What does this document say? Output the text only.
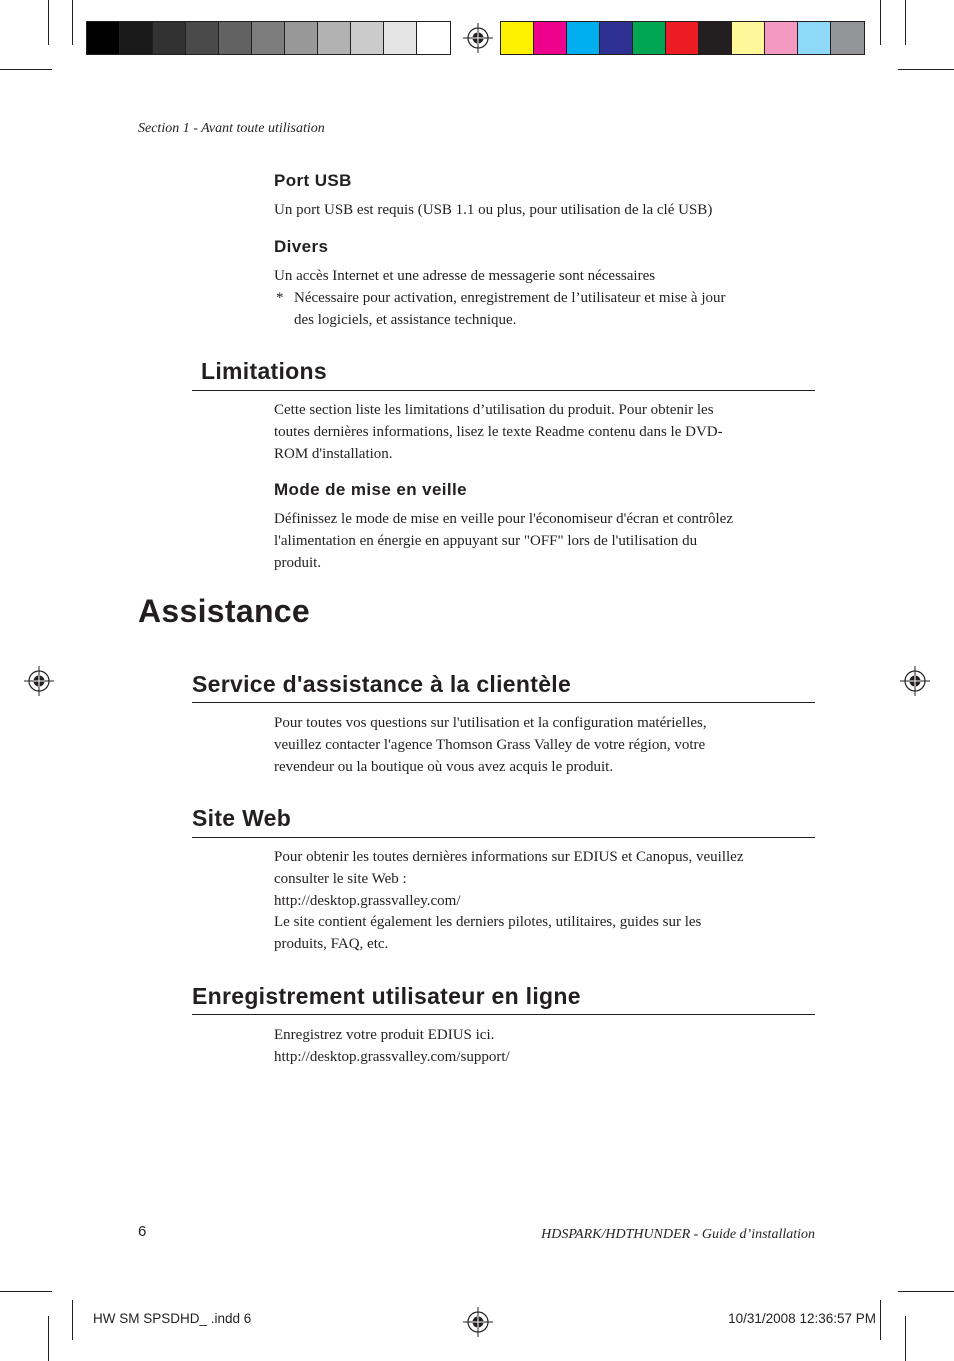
Section 1 - Avant toute utilisation
Port USB
Un port USB est requis (USB 1.1 ou plus, pour utilisation de la clé USB)
Divers
Un accès Internet et une adresse de messagerie sont nécessaires
* Nécessaire pour activation, enregistrement de l’utilisateur et mise à jour
des logiciels, et assistance technique.
Limitations
Cette section liste les limitations d’utilisation du produit. Pour obtenir les
toutes dernières informations, lisez le texte Readme contenu dans le DVD-
ROM d'installation.
Mode de mise en veille
Définissez le mode de mise en veille pour l'économiseur d'écran et contrôlez
l'alimentation en énergie en appuyant sur "OFF" lors de l'utilisation du
produit.
Assistance
Service d'assistance à la clientèle
Pour toutes vos questions sur l'utilisation et la configuration matérielles,
veuillez contacter l'agence Thomson Grass Valley de votre région, votre
revendeur ou la boutique où vous avez acquis le produit.
Site Web
Pour obtenir les toutes dernières informations sur EDIUS et Canopus, veuillez
consulter le site Web :
http://desktop.grassvalley.com/
Le site contient également les derniers pilotes, utilitaires, guides sur les
produits, FAQ, etc.
Enregistrement utilisateur en ligne
Enregistrez votre produit EDIUS ici.
http://desktop.grassvalley.com/support/
6	HDSPARK/HDTHUNDER - Guide d’installation
HW SM SPSDHD_ .indd 6	10/31/2008 12:36:57 PM
